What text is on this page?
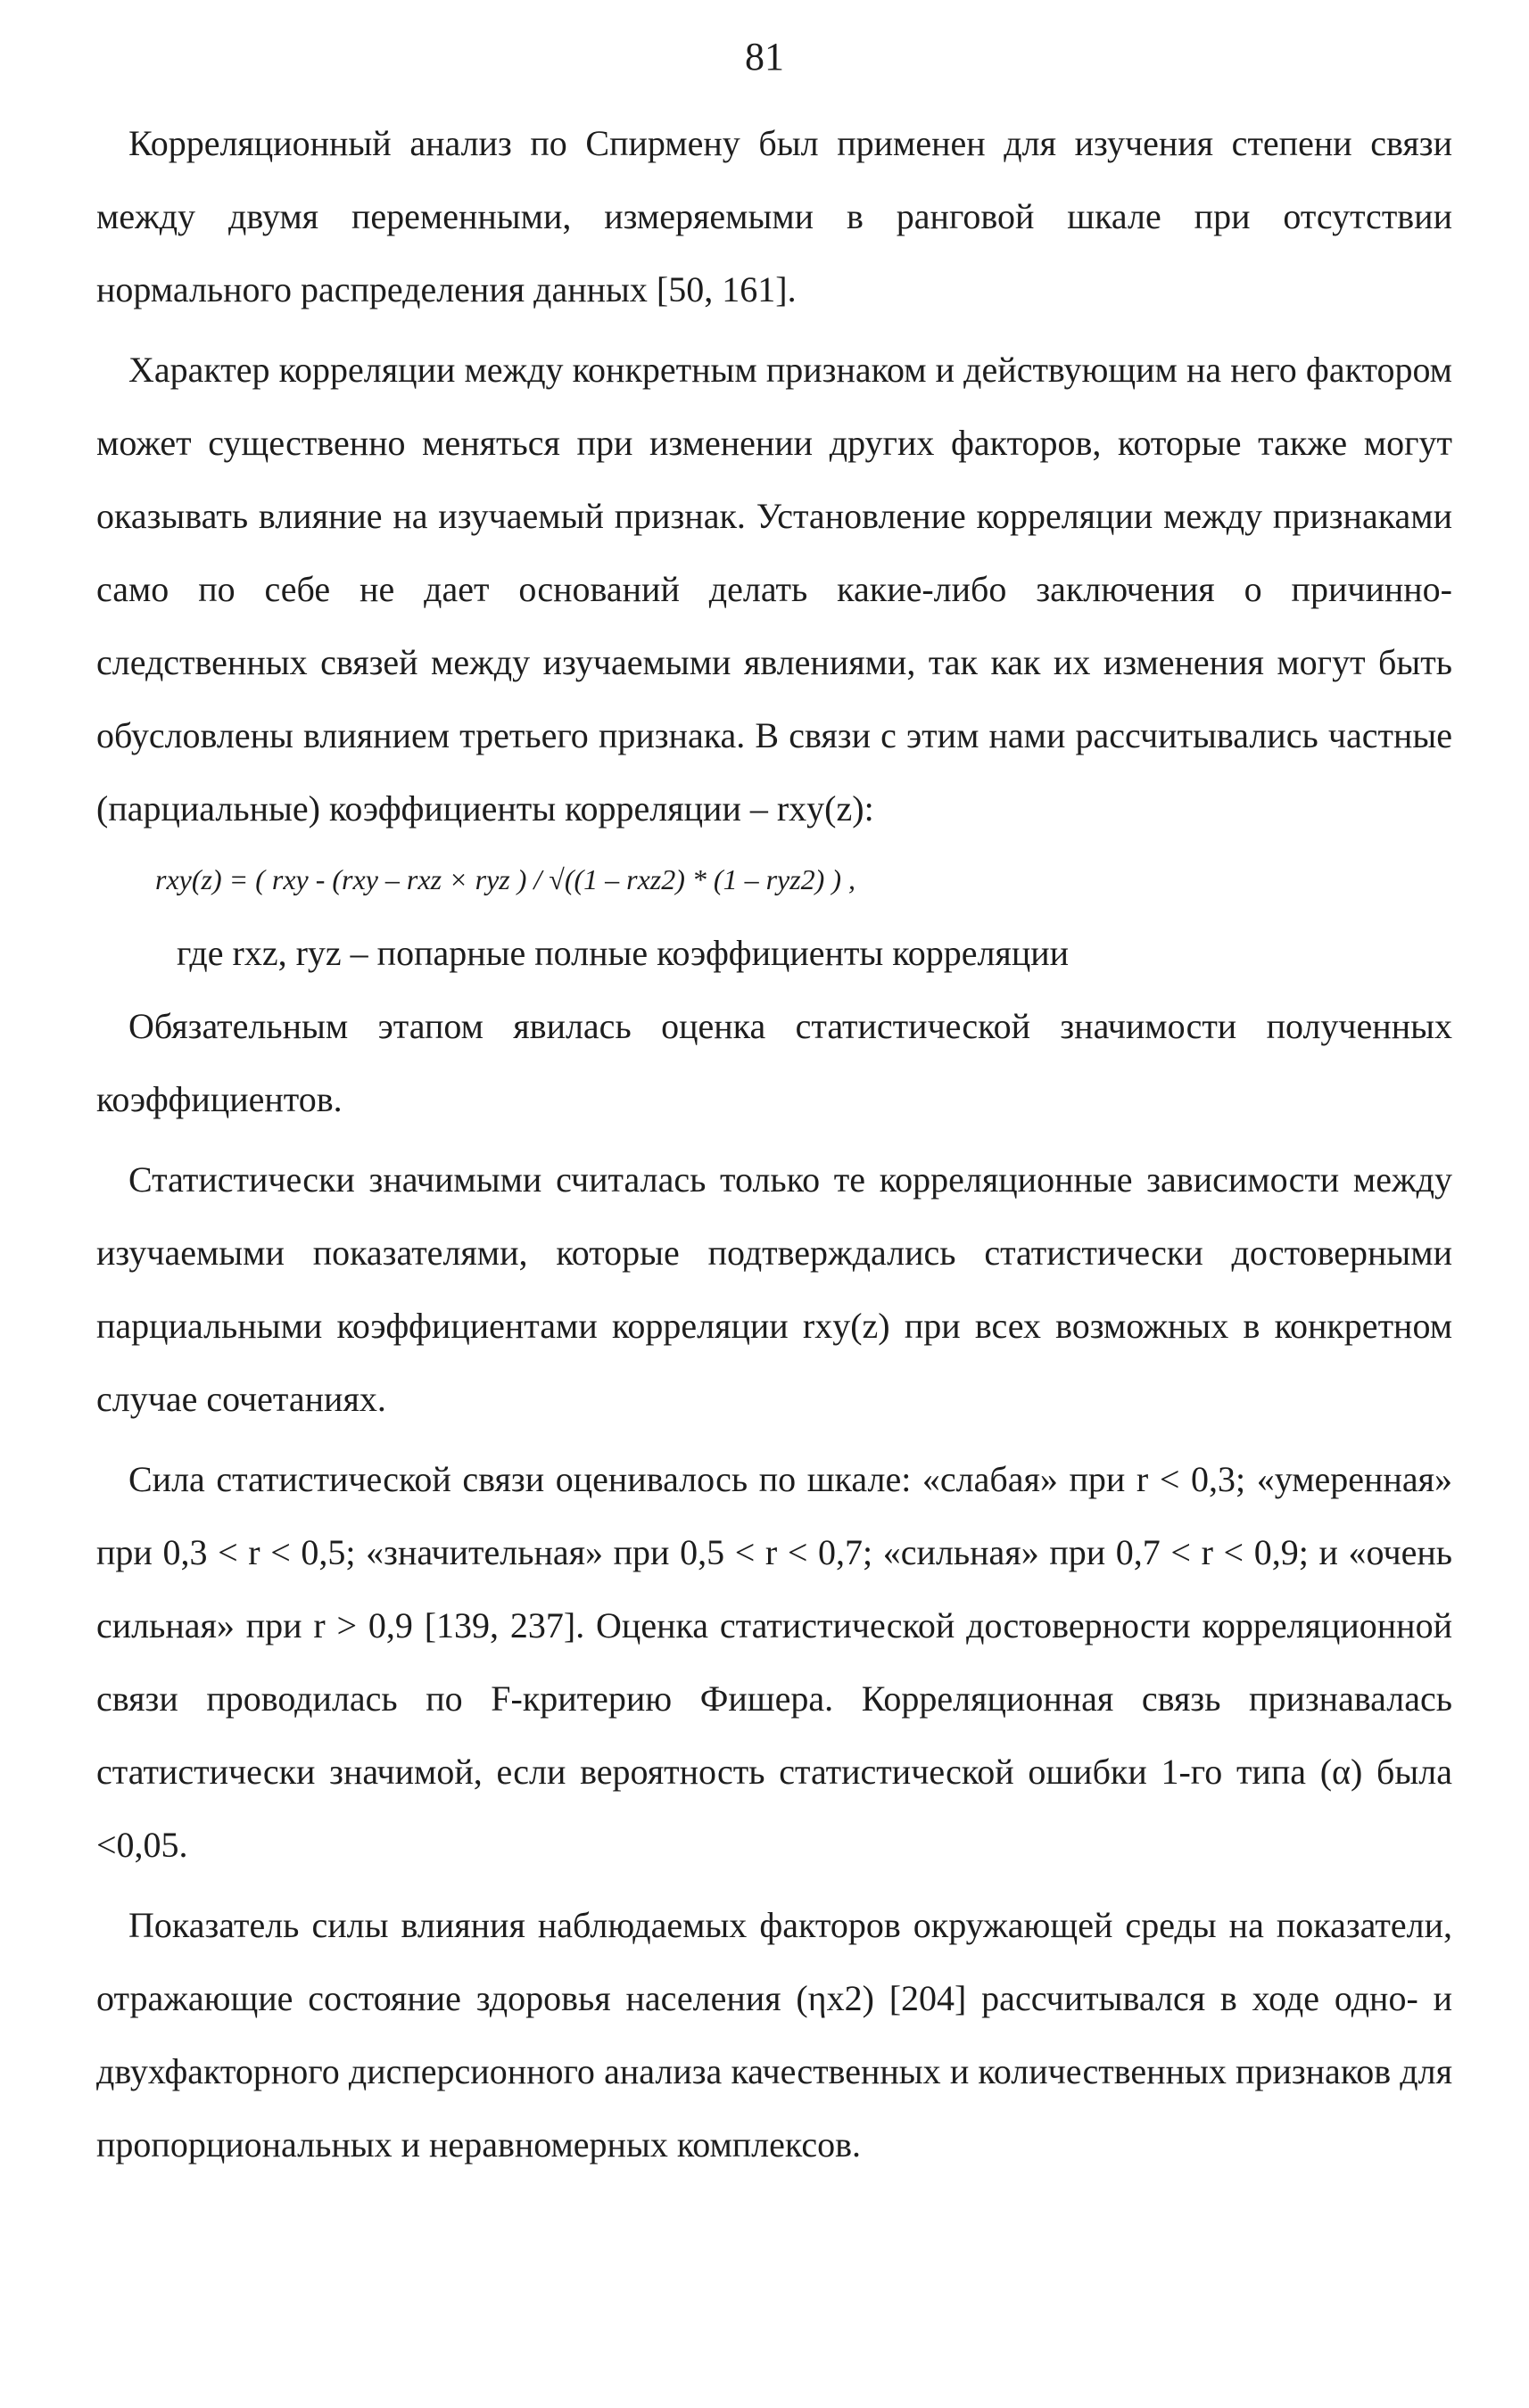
81

Корреляционный анализ по Спирмену был применен для изучения степени связи между двумя переменными, измеряемыми в ранговой шкале при отсутствии нормального распределения данных [50, 161].

Характер корреляции между конкретным признаком и действующим на него фактором может существенно меняться при изменении других факторов, которые также могут оказывать влияние на изучаемый признак. Установление корреляции между признаками само по себе не дает оснований делать какие-либо заключения о причинно-следственных связей между изучаемыми явлениями, так как их изменения могут быть обусловлены влиянием третьего признака. В связи с этим нами рассчитывались частные (парциальные) коэффициенты корреляции – rxy(z):

rxy(z) = ( rxy - (rxy – rxz × ryz ) / √((1 – rxz2) * (1 – ryz2) ) ,

где rxz, ryz – попарные полные коэффициенты корреляции

Обязательным этапом явилась оценка статистической значимости полученных коэффициентов.

Статистически значимыми считалась только те корреляционные зависимости между изучаемыми показателями, которые подтверждались статистически достоверными парциальными коэффициентами корреляции rxy(z) при всех возможных в конкретном случае сочетаниях.

Сила статистической связи оценивалось по шкале: «слабая» при r < 0,3; «умеренная» при 0,3 < r < 0,5; «значительная» при 0,5 < r < 0,7; «сильная» при 0,7 < r < 0,9; и «очень сильная» при r > 0,9 [139, 237]. Оценка статистической достоверности корреляционной связи проводилась по F-критерию Фишера. Корреляционная связь признавалась статистически значимой, если вероятность статистической ошибки 1-го типа (α) была <0,05.

Показатель силы влияния наблюдаемых факторов окружающей среды на показатели, отражающие состояние здоровья населения (ηx2) [204] рассчитывался в ходе одно- и двухфакторного дисперсионного анализа качественных и количественных признаков для пропорциональных и неравномерных комплексов.
